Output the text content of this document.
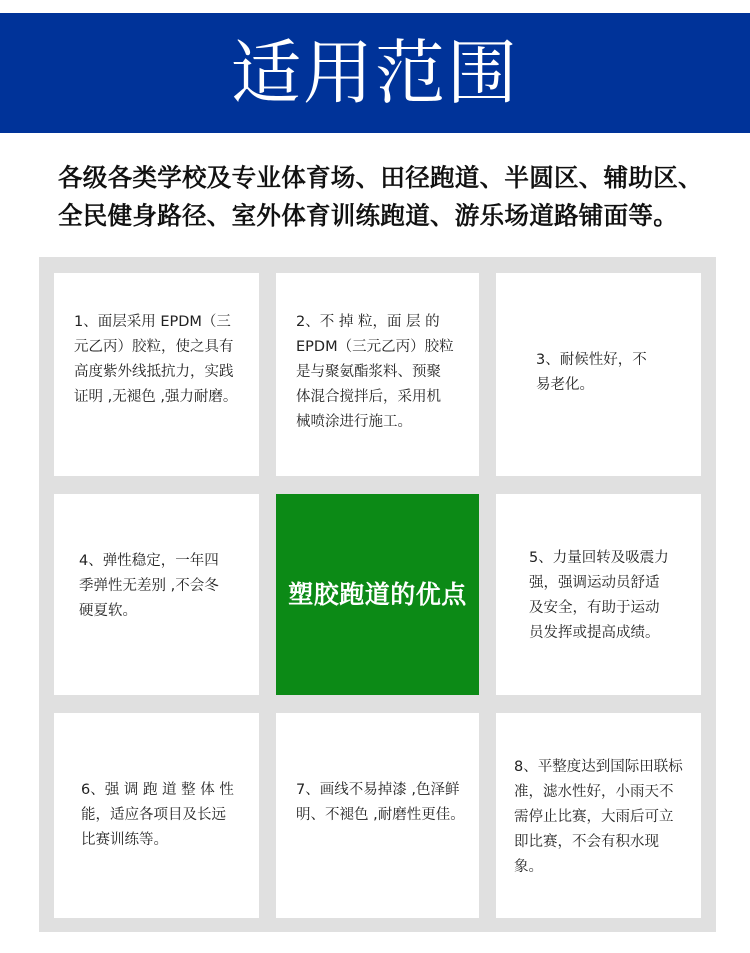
适用范围
各级各类学校及专业体育场、田径跑道、半圆区、辅助区、
全民健身路径、室外体育训练跑道、游乐场道路铺面等。
1、面层采用 EPDM（三
元乙丙）胶粒，使之具有
高度紫外线抵抗力，实践
证明 ,无褪色 ,强力耐磨。
2、不 掉 粒，面 层 的
EPDM（三元乙丙）胶粒
是与聚氨酯浆料、预聚
体混合搅拌后，采用机
械喷涂进行施工。
3、耐候性好，不
易老化。
4、弹性稳定，一年四
季弹性无差别 ,不会冬
硬夏软。
塑胶跑道的优点
5、力量回转及吸震力
强，强调运动员舒适
及安全，有助于运动
员发挥或提高成绩。
6、强 调 跑 道 整 体 性
能，适应各项目及长远
比赛训练等。
7、画线不易掉漆 ,色泽鲜
明、不褪色 ,耐磨性更佳。
8、平整度达到国际田联标
准，滤水性好，小雨天不
需停止比赛，大雨后可立
即比赛，不会有积水现
象。
